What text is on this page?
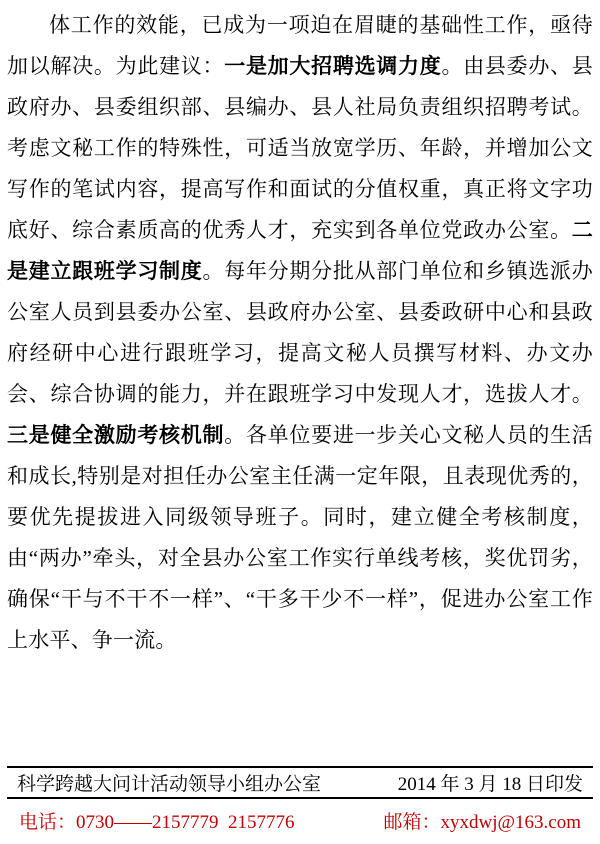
体工作的效能，已成为一项迫在眉睫的基础性工作，亟待加以解决。为此建议：一是加大招聘选调力度。由县委办、县政府办、县委组织部、县编办、县人社局负责组织招聘考试。考虑文秘工作的特殊性，可适当放宽学历、年龄，并增加公文写作的笔试内容，提高写作和面试的分值权重，真正将文字功底好、综合素质高的优秀人才，充实到各单位党政办公室。二是建立跟班学习制度。每年分期分批从部门单位和乡镇选派办公室人员到县委办公室、县政府办公室、县委政研中心和县政府经研中心进行跟班学习，提高文秘人员撰写材料、办文办会、综合协调的能力，并在跟班学习中发现人才，选拔人才。三是健全激励考核机制。各单位要进一步关心文秘人员的生活和成长,特别是对担任办公室主任满一定年限，且表现优秀的，要优先提拔进入同级领导班子。同时，建立健全考核制度，由“两办”牵头，对全县办公室工作实行单线考核，奖优罚劣，确保“干与不干不一样”、“干多干少不一样”，促进办公室工作上水平、争一流。

科学跨越大问计活动领导小组办公室	2014 年 3 月 18 日印发
电话：0730——2157779  2157776	邮箱：xyxdwj@163.com
